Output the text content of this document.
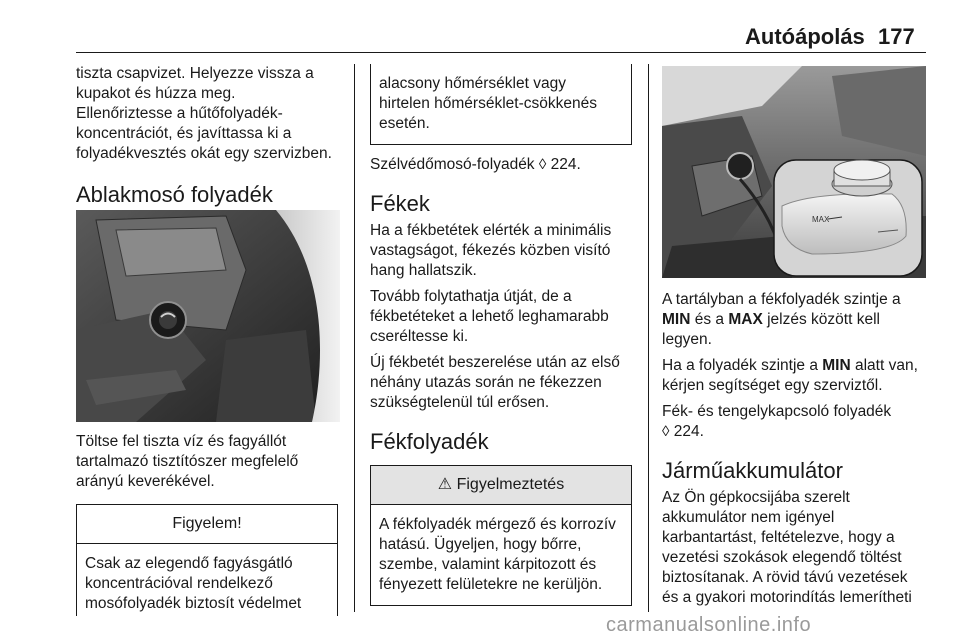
Autóápolás 177

tiszta csapvizet. Helyezze vissza a
kupakot és húzza meg.
Ellenőriztesse a hűtőfolyadék-
koncentrációt, és javíttassa ki a
folyadékvesztés okát egy szervizben.

Ablakmosó folyadék

Töltse fel tiszta víz és fagyállót
tartalmazó tisztítószer megfelelő
arányú keverékével.

Figyelem!
Csak az elegendő fagyásgátló
koncentrációval rendelkező
mosófolyadék biztosít védelmet
alacsony hőmérséklet vagy
hirtelen hőmérséklet-csökkenés
esetén.

Szélvédőmosó-folyadék ◊ 224.

Fékek

Ha a fékbetétek elérték a minimális
vastagságot, fékezés közben visító
hang hallatszik.

Tovább folytathatja útját, de a
fékbetéteket a lehető leghamarabb
cseréltesse ki.

Új fékbetét beszerelése után az első
néhány utazás során ne fékezzen
szükségtelenül túl erősen.

Fékfolyadék
⚠ Figyelmeztetés
A fékfolyadék mérgező és korrozív
hatású. Ügyeljen, hogy bőrre,
szembe, valamint kárpitozott és
fényezett felületekre ne kerüljön.
MAX

A tartályban a fékfolyadék szintje a
MIN és a MAX jelzés között kell
legyen.

Ha a folyadék szintje a MIN alatt van,
kérjen segítséget egy szerviztől.

Fék- és tengelykapcsoló folyadék
◊ 224.

Járműakkumulátor

Az Ön gépkocsijába szerelt
akkumulátor nem igényel
karbantartást, feltételezve, hogy a
vezetési szokások elegendő töltést
biztosítanak. A rövid távú vezetések
és a gyakori motorindítás lemerítheti

carmanualsonline.info
